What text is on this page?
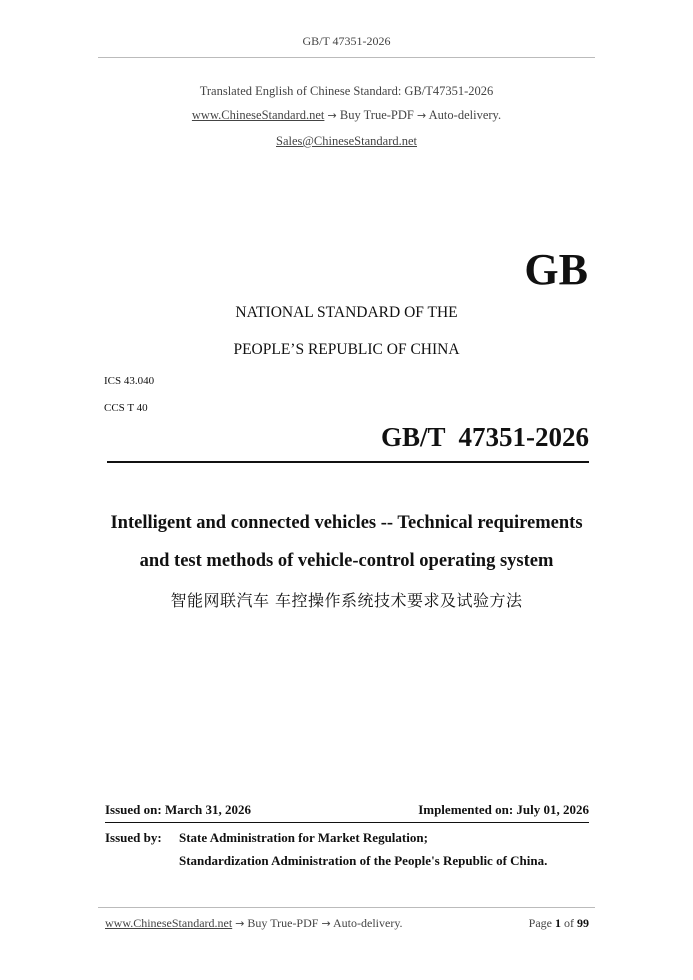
GB/T 47351-2026
Translated English of Chinese Standard: GB/T47351-2026
www.ChineseStandard.net → Buy True-PDF → Auto-delivery.
Sales@ChineseStandard.net
GB
NATIONAL STANDARD OF THE
PEOPLE’S REPUBLIC OF CHINA
ICS 43.040
CCS T 40
GB/T  47351-2026
Intelligent and connected vehicles -- Technical requirements
and test methods of vehicle-control operating system
智能网联汽车 车控操作系统技术要求及试验方法
Issued on: March 31, 2026	Implemented on: July 01, 2026
Issued by: State Administration for Market Regulation;
Standardization Administration of the People's Republic of China.
www.ChineseStandard.net → Buy True-PDF → Auto-delivery.	Page 1 of 99
